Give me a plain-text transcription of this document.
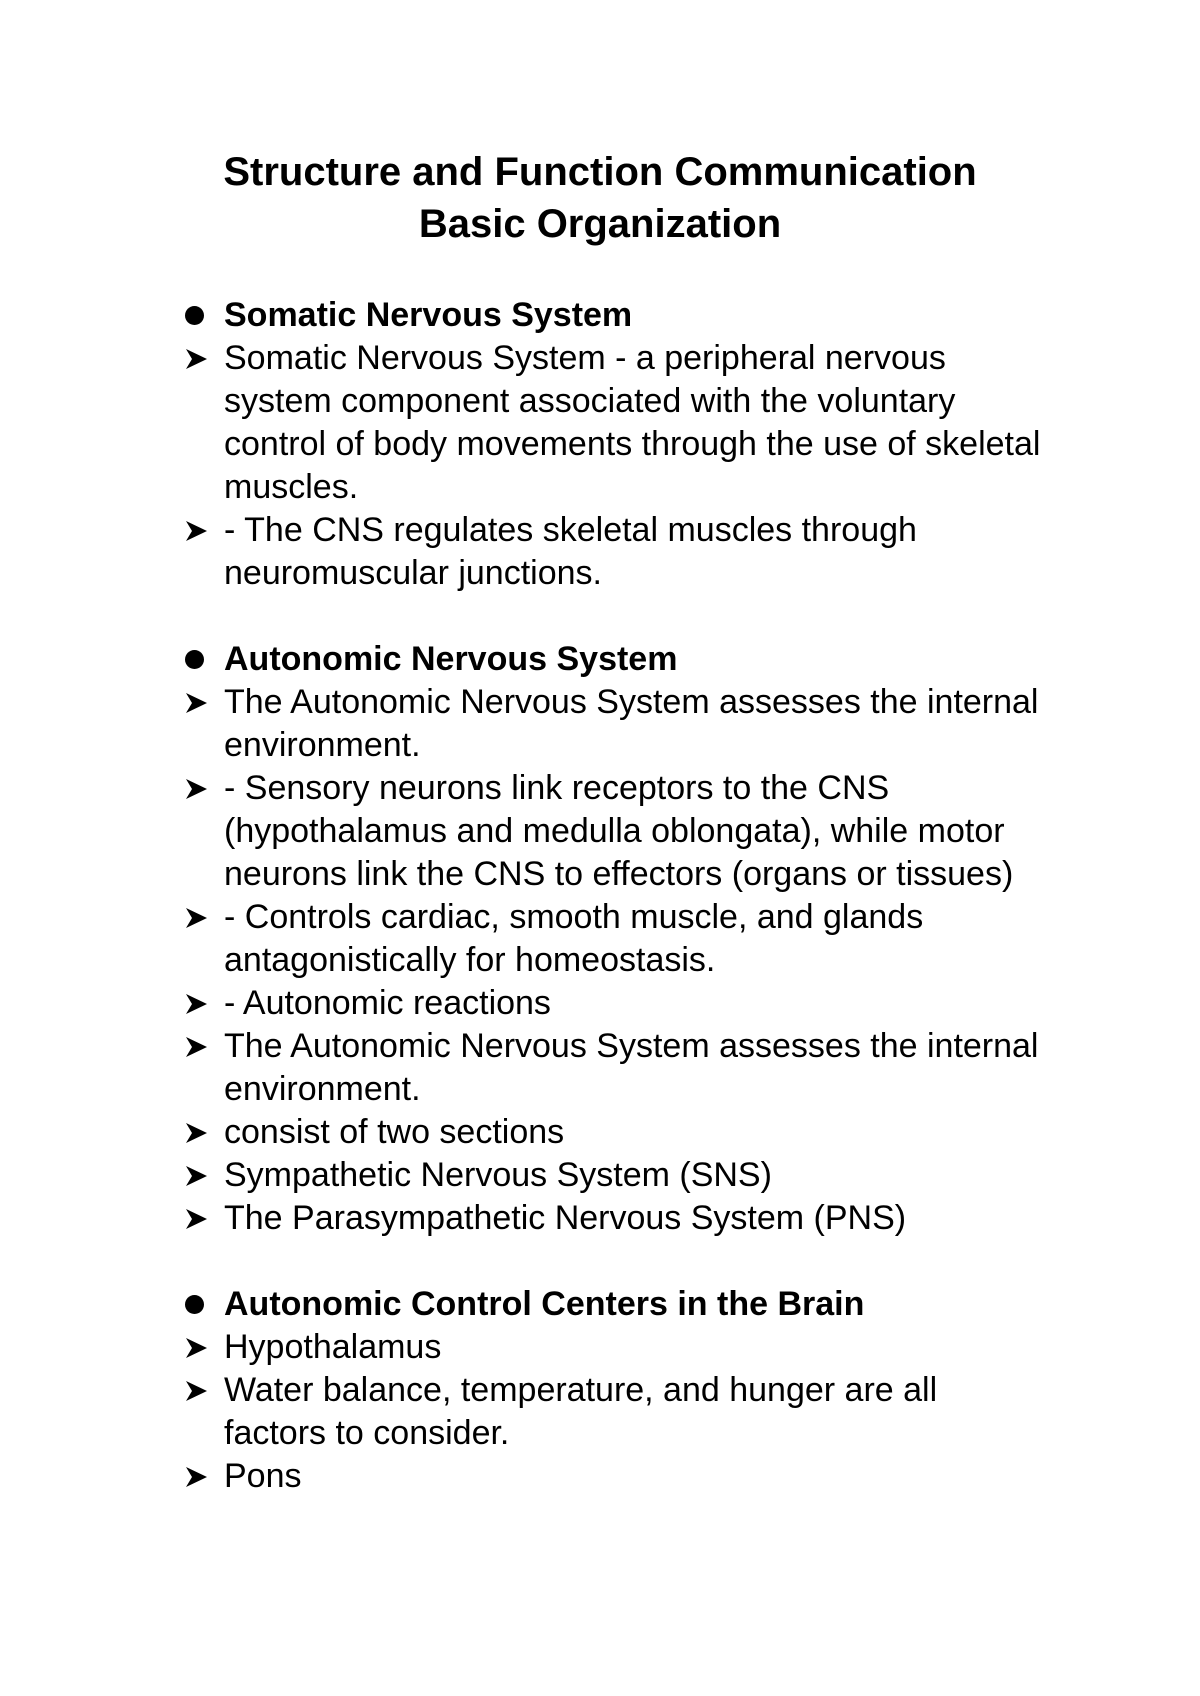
Structure and Function Communication
Basic Organization
Somatic Nervous System
Somatic Nervous System - a peripheral nervous system component associated with the voluntary control of body movements through the use of skeletal muscles.
- The CNS regulates skeletal muscles through neuromuscular junctions.
Autonomic Nervous System
The Autonomic Nervous System assesses the internal environment.
- Sensory neurons link receptors to the CNS (hypothalamus and medulla oblongata), while motor neurons link the CNS to effectors (organs or tissues)
- Controls cardiac, smooth muscle, and glands antagonistically for homeostasis.
- Autonomic reactions
The Autonomic Nervous System assesses the internal environment.
consist of two sections
Sympathetic Nervous System (SNS)
The Parasympathetic Nervous System (PNS)
Autonomic Control Centers in the Brain
Hypothalamus
Water balance, temperature, and hunger are all factors to consider.
Pons
